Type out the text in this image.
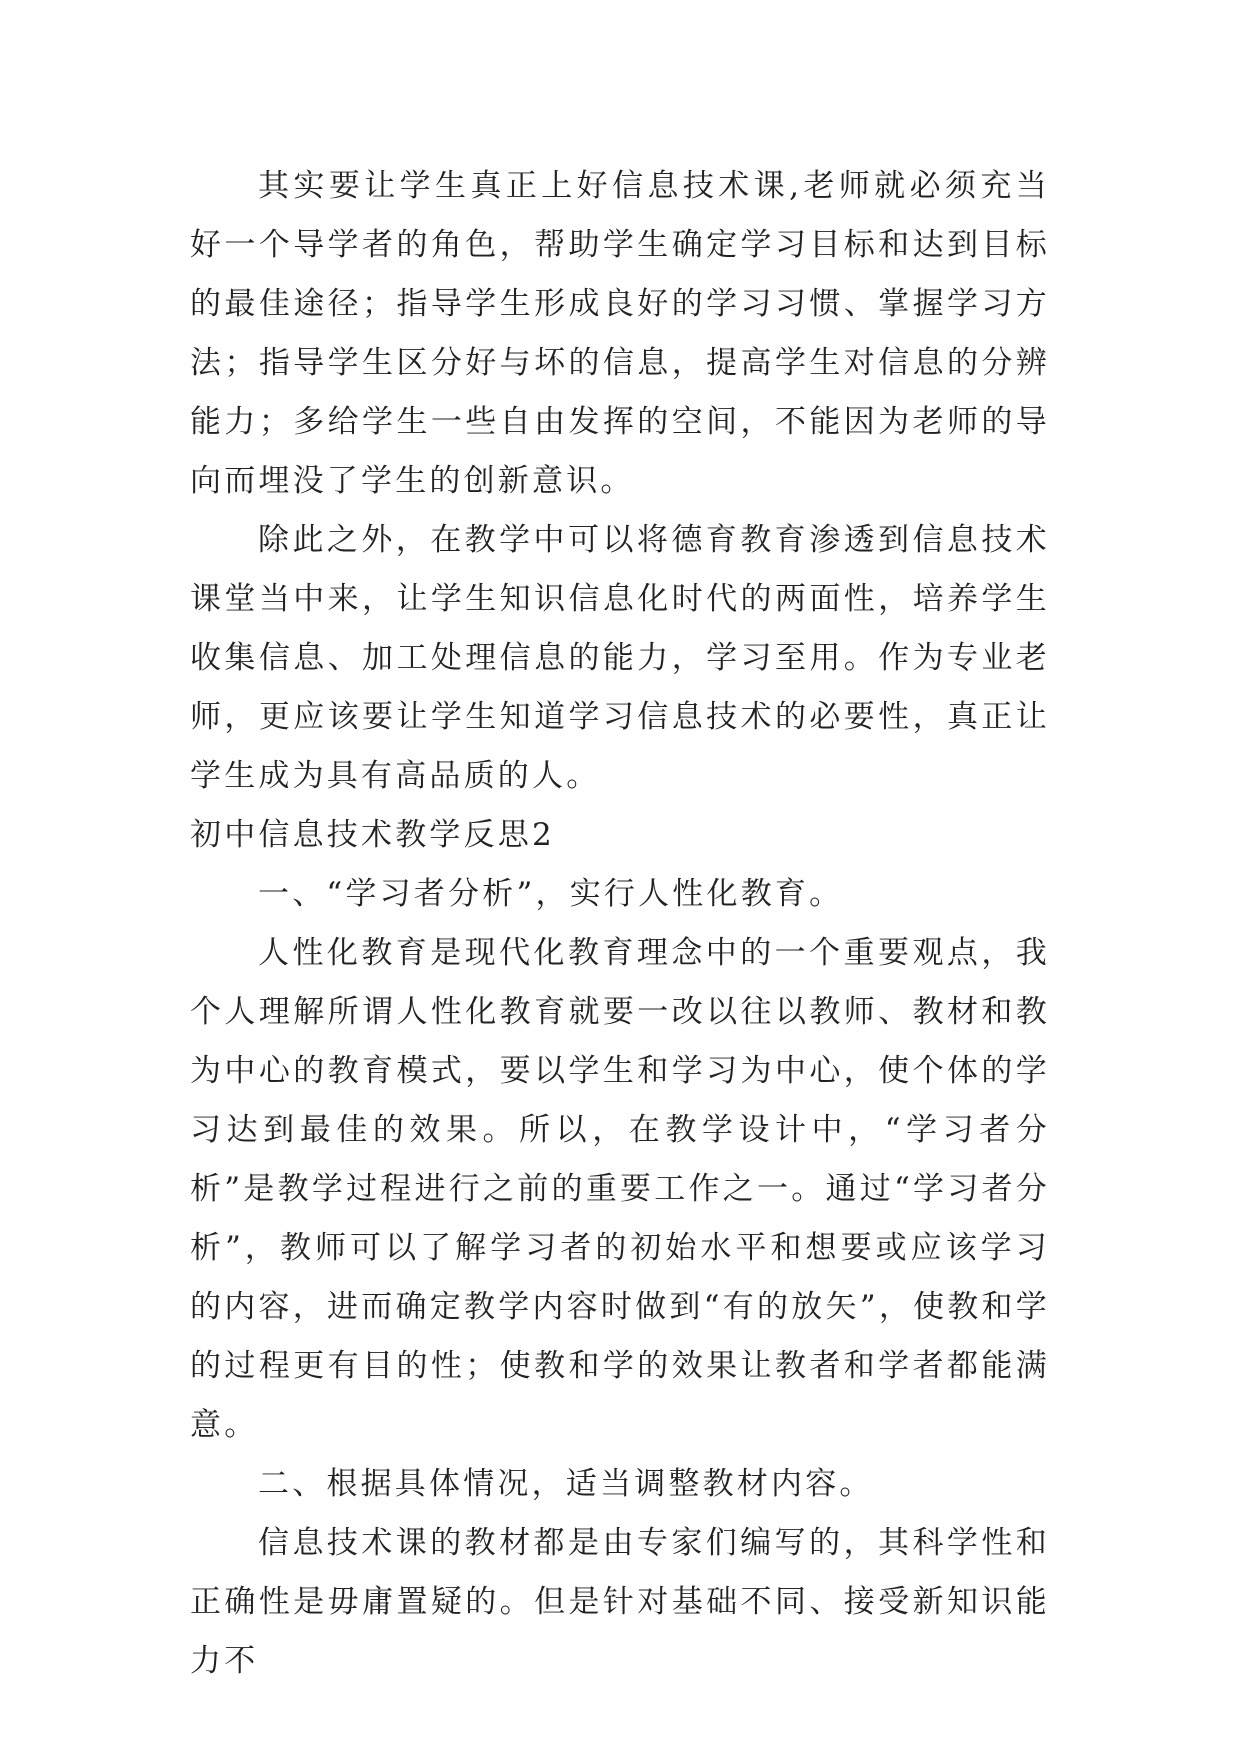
其实要让学生真正上好信息技术课,老师就必须充当好一个导学者的角色，帮助学生确定学习目标和达到目标的最佳途径；指导学生形成良好的学习习惯、掌握学习方法；指导学生区分好与坏的信息，提高学生对信息的分辨能力；多给学生一些自由发挥的空间，不能因为老师的导向而埋没了学生的创新意识。

除此之外，在教学中可以将德育教育渗透到信息技术课堂当中来，让学生知识信息化时代的两面性，培养学生收集信息、加工处理信息的能力，学习至用。作为专业老师，更应该要让学生知道学习信息技术的必要性，真正让学生成为具有高品质的人。

初中信息技术教学反思2

一、“学习者分析”，实行人性化教育。

人性化教育是现代化教育理念中的一个重要观点，我个人理解所谓人性化教育就要一改以往以教师、教材和教为中心的教育模式，要以学生和学习为中心，使个体的学习达到最佳的效果。所以，在教学设计中，“学习者分析”是教学过程进行之前的重要工作之一。通过“学习者分析”，教师可以了解学习者的初始水平和想要或应该学习的内容，进而确定教学内容时做到“有的放矢”，使教和学的过程更有目的性；使教和学的效果让教者和学者都能满意。

二、根据具体情况，适当调整教材内容。

信息技术课的教材都是由专家们编写的，其科学性和正确性是毋庸置疑的。但是针对基础不同、接受新知识能力不
